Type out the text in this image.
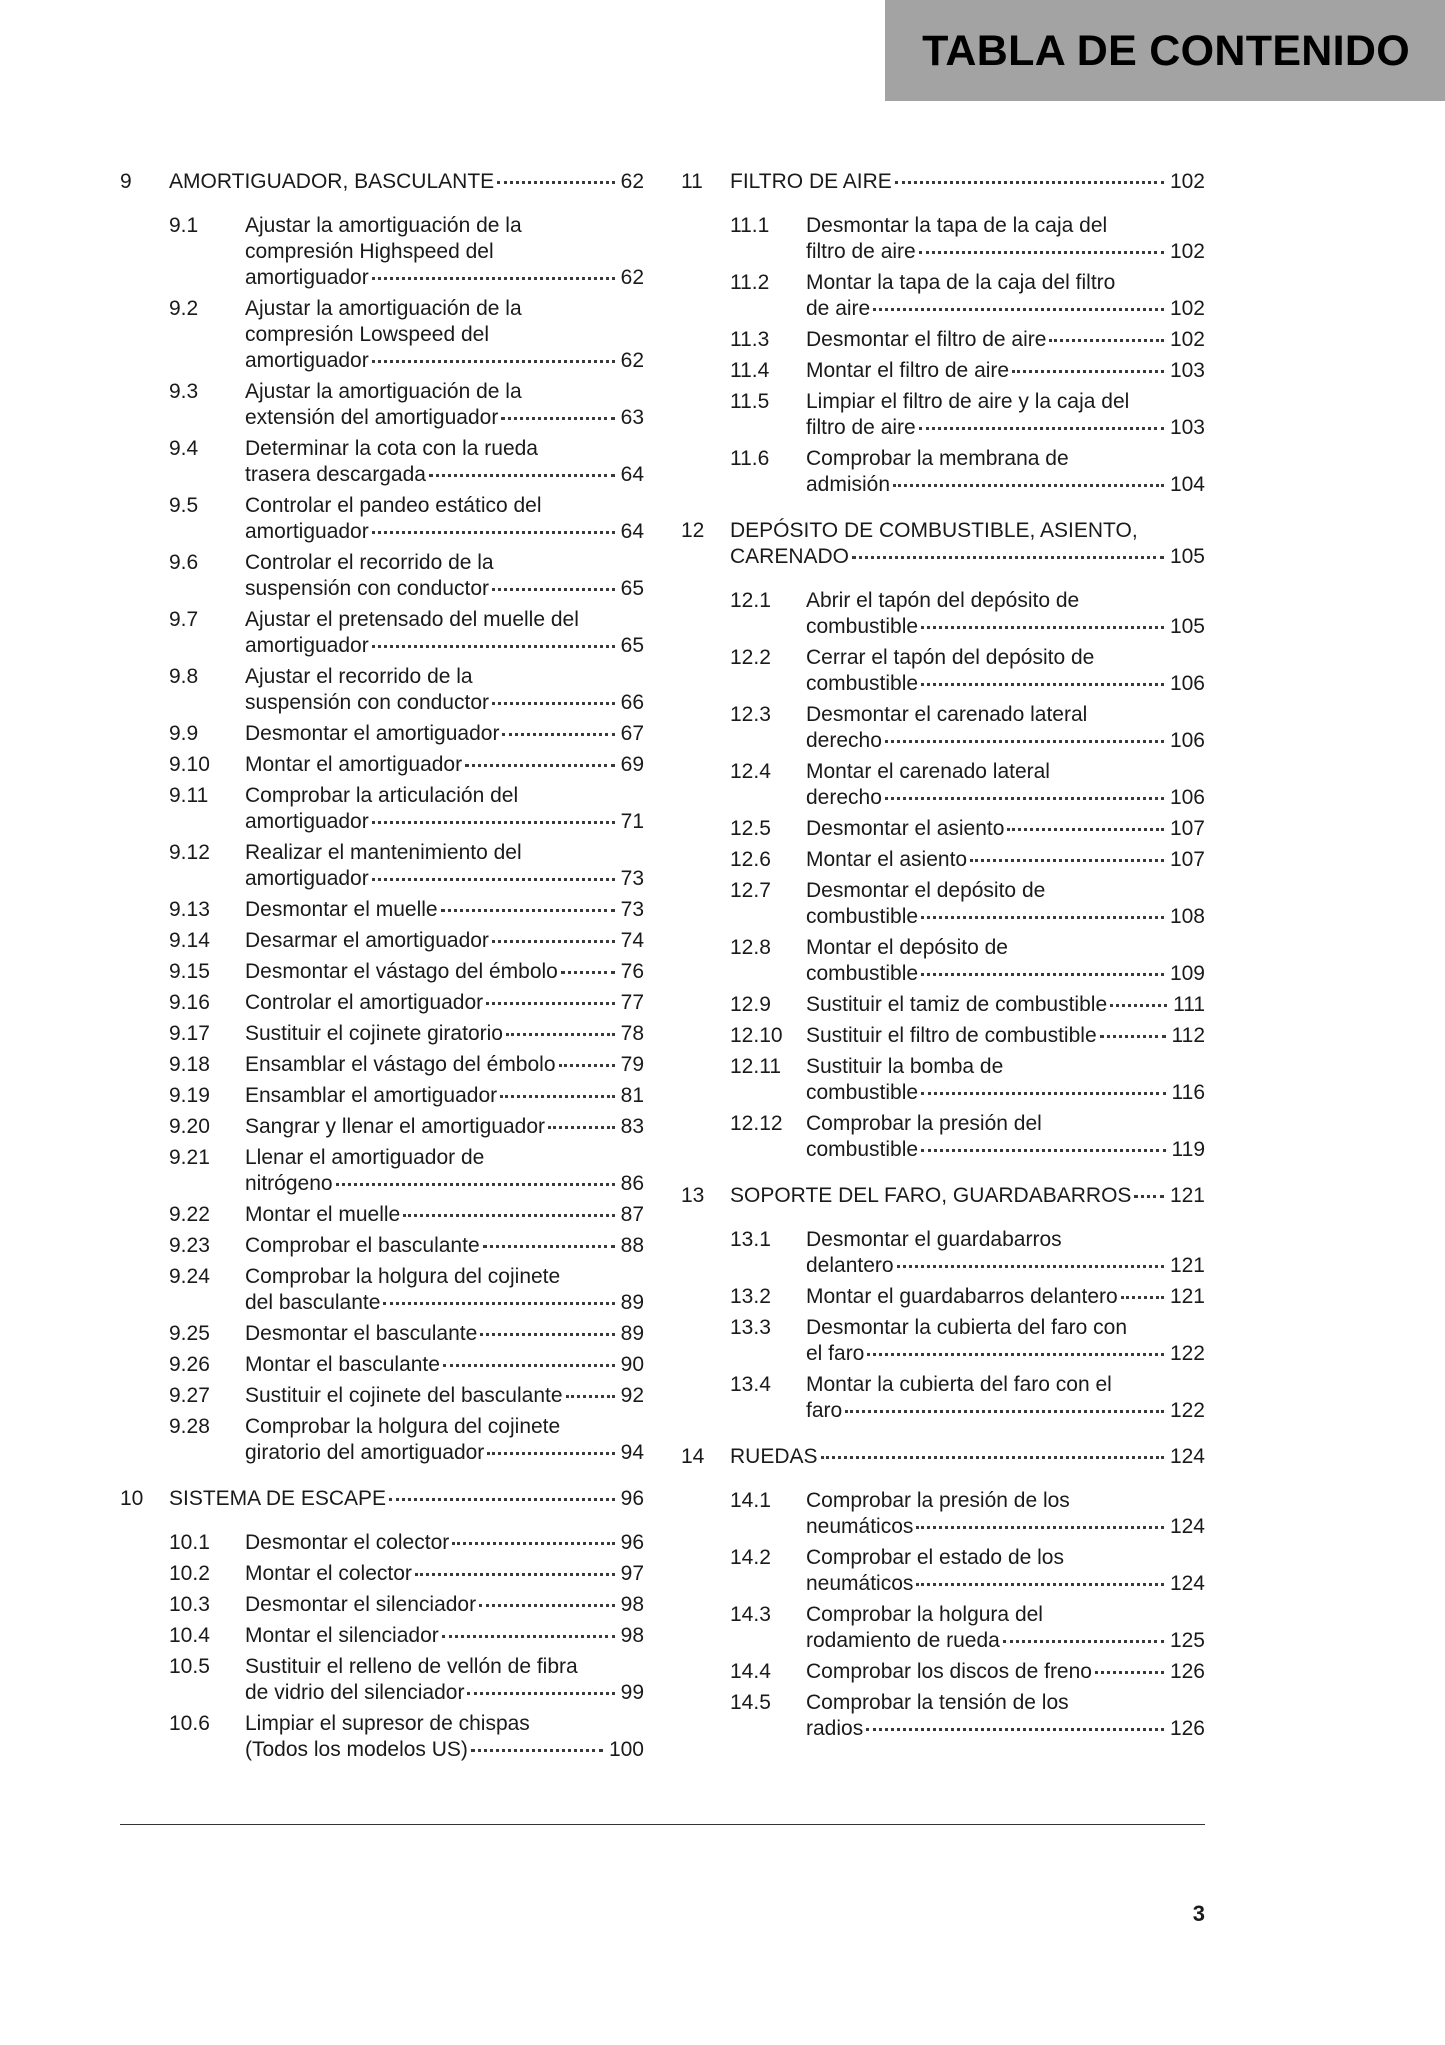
TABLA DE CONTENIDO
9 AMORTIGUADOR, BASCULANTE	62
9.1 Ajustar la amortiguación de la
compresión Highspeed del
amortiguador	62
9.2 Ajustar la amortiguación de la
compresión Lowspeed del
amortiguador	62
9.3 Ajustar la amortiguación de la
extensión del amortiguador	63
9.4 Determinar la cota con la rueda
trasera descargada	64
9.5 Controlar el pandeo estático del
amortiguador	64
9.6 Controlar el recorrido de la
suspensión con conductor	65
9.7 Ajustar el pretensado del muelle del
amortiguador	65
9.8 Ajustar el recorrido de la
suspensión con conductor	66
9.9 Desmontar el amortiguador	67
9.10 Montar el amortiguador	69
9.11 Comprobar la articulación del
amortiguador	71
9.12 Realizar el mantenimiento del
amortiguador	73
9.13 Desmontar el muelle	73
9.14 Desarmar el amortiguador	74
9.15 Desmontar el vástago del émbolo	76
9.16 Controlar el amortiguador	77
9.17 Sustituir el cojinete giratorio	78
9.18 Ensamblar el vástago del émbolo	79
9.19 Ensamblar el amortiguador	81
9.20 Sangrar y llenar el amortiguador	83
9.21 Llenar el amortiguador de
nitrógeno	86
9.22 Montar el muelle	87
9.23 Comprobar el basculante	88
9.24 Comprobar la holgura del cojinete
del basculante	89
9.25 Desmontar el basculante	89
9.26 Montar el basculante	90
9.27 Sustituir el cojinete del basculante	92
9.28 Comprobar la holgura del cojinete
giratorio del amortiguador	94
10 SISTEMA DE ESCAPE	96
10.1 Desmontar el colector	96
10.2 Montar el colector	97
10.3 Desmontar el silenciador	98
10.4 Montar el silenciador	98
10.5 Sustituir el relleno de vellón de fibra
de vidrio del silenciador	99
10.6 Limpiar el supresor de chispas
(Todos los modelos US)	100
11 FILTRO DE AIRE	102
11.1 Desmontar la tapa de la caja del
filtro de aire	102
11.2 Montar la tapa de la caja del filtro
de aire	102
11.3 Desmontar el filtro de aire	102
11.4 Montar el filtro de aire	103
11.5 Limpiar el filtro de aire y la caja del
filtro de aire	103
11.6 Comprobar la membrana de
admisión	104
12 DEPÓSITO DE COMBUSTIBLE, ASIENTO,
CARENADO	105
12.1 Abrir el tapón del depósito de
combustible	105
12.2 Cerrar el tapón del depósito de
combustible	106
12.3 Desmontar el carenado lateral
derecho	106
12.4 Montar el carenado lateral
derecho	106
12.5 Desmontar el asiento	107
12.6 Montar el asiento	107
12.7 Desmontar el depósito de
combustible	108
12.8 Montar el depósito de
combustible	109
12.9 Sustituir el tamiz de combustible	111
12.10 Sustituir el filtro de combustible	112
12.11 Sustituir la bomba de
combustible	116
12.12 Comprobar la presión del
combustible	119
13 SOPORTE DEL FARO, GUARDABARROS 121
13.1 Desmontar el guardabarros
delantero	121
13.2 Montar el guardabarros delantero 121
13.3 Desmontar la cubierta del faro con
el faro	122
13.4 Montar la cubierta del faro con el
faro	122
14 RUEDAS	124
14.1 Comprobar la presión de los
neumáticos	124
14.2 Comprobar el estado de los
neumáticos	124
14.3 Comprobar la holgura del
rodamiento de rueda	125
14.4 Comprobar los discos de freno	126
14.5 Comprobar la tensión de los
radios	126
3
